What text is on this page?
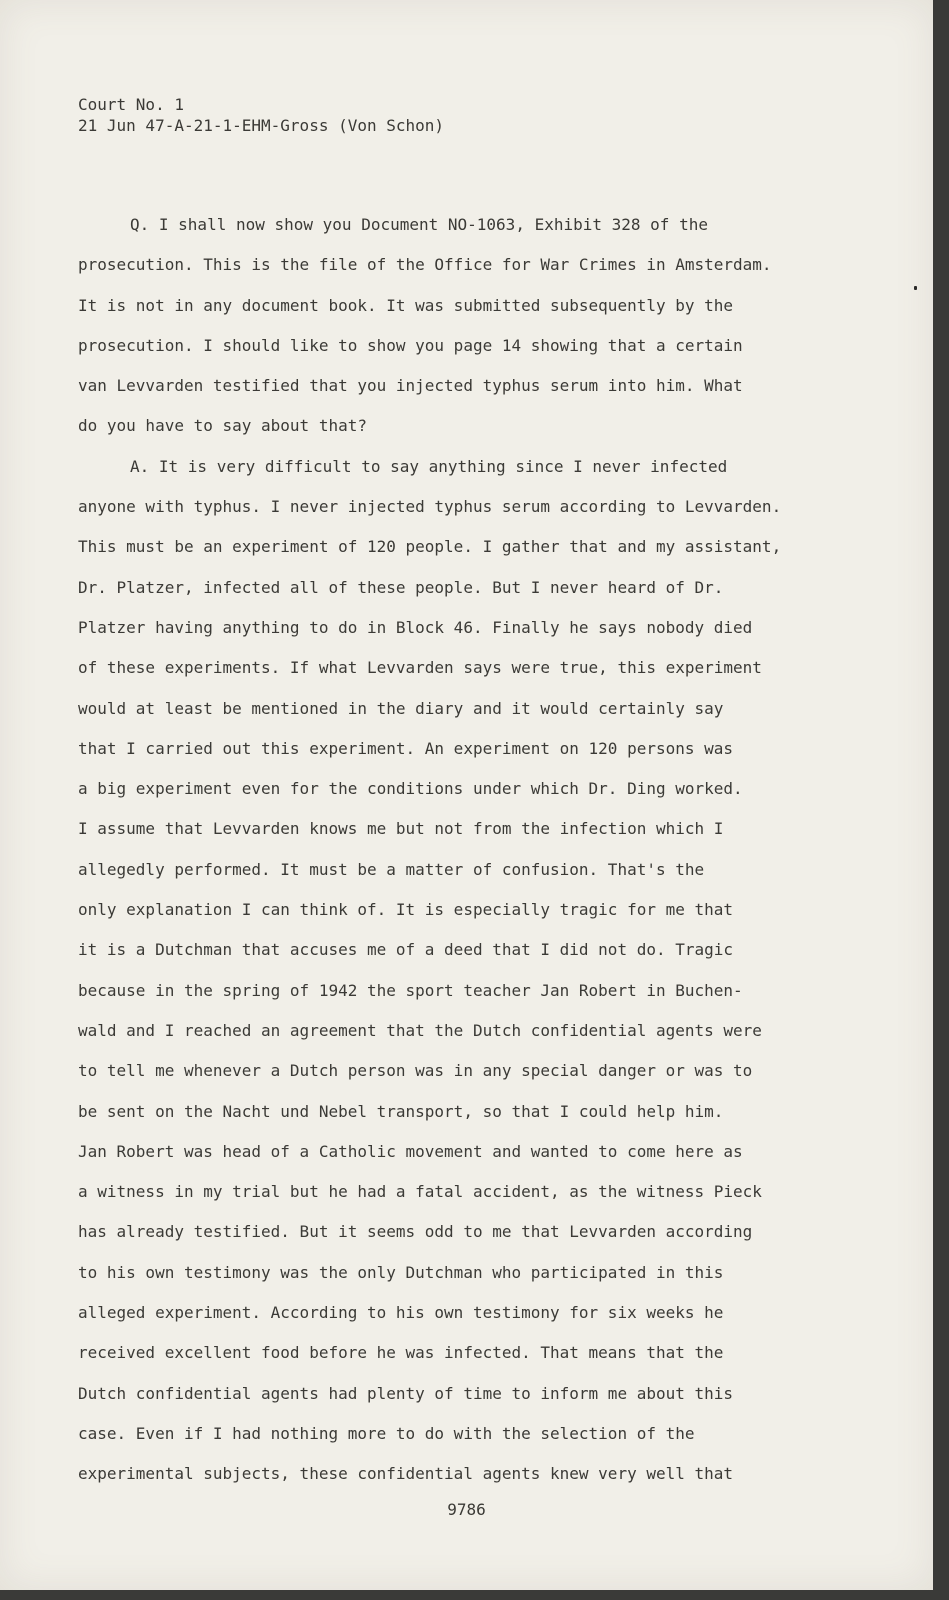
Court No. 1
21 Jun 47-A-21-1-EHM-Gross (Von Schon)
Q. I shall now show you Document NO-1063, Exhibit 328 of the
prosecution. This is the file of the Office for War Crimes in Amsterdam.
It is not in any document book. It was submitted subsequently by the
prosecution. I should like to show you page 14 showing that a certain
van Levvarden testified that you injected typhus serum into him. What
do you have to say about that?
A. It is very difficult to say anything since I never infected
anyone with typhus. I never injected typhus serum according to Levvarden.
This must be an experiment of 120 people. I gather that and my assistant,
Dr. Platzer, infected all of these people. But I never heard of Dr.
Platzer having anything to do in Block 46. Finally he says nobody died
of these experiments. If what Levvarden says were true, this experiment
would at least be mentioned in the diary and it would certainly say
that I carried out this experiment. An experiment on 120 persons was
a big experiment even for the conditions under which Dr. Ding worked.
I assume that Levvarden knows me but not from the infection which I
allegedly performed. It must be a matter of confusion. That's the
only explanation I can think of. It is especially tragic for me that
it is a Dutchman that accuses me of a deed that I did not do. Tragic
because in the spring of 1942 the sport teacher Jan Robert in Buchen-
wald and I reached an agreement that the Dutch confidential agents were
to tell me whenever a Dutch person was in any special danger or was to
be sent on the Nacht und Nebel transport, so that I could help him.
Jan Robert was head of a Catholic movement and wanted to come here as
a witness in my trial but he had a fatal accident, as the witness Pieck
has already testified. But it seems odd to me that Levvarden according
to his own testimony was the only Dutchman who participated in this
alleged experiment. According to his own testimony for six weeks he
received excellent food before he was infected. That means that the
Dutch confidential agents had plenty of time to inform me about this
case. Even if I had nothing more to do with the selection of the
experimental subjects, these confidential agents knew very well that
9786
